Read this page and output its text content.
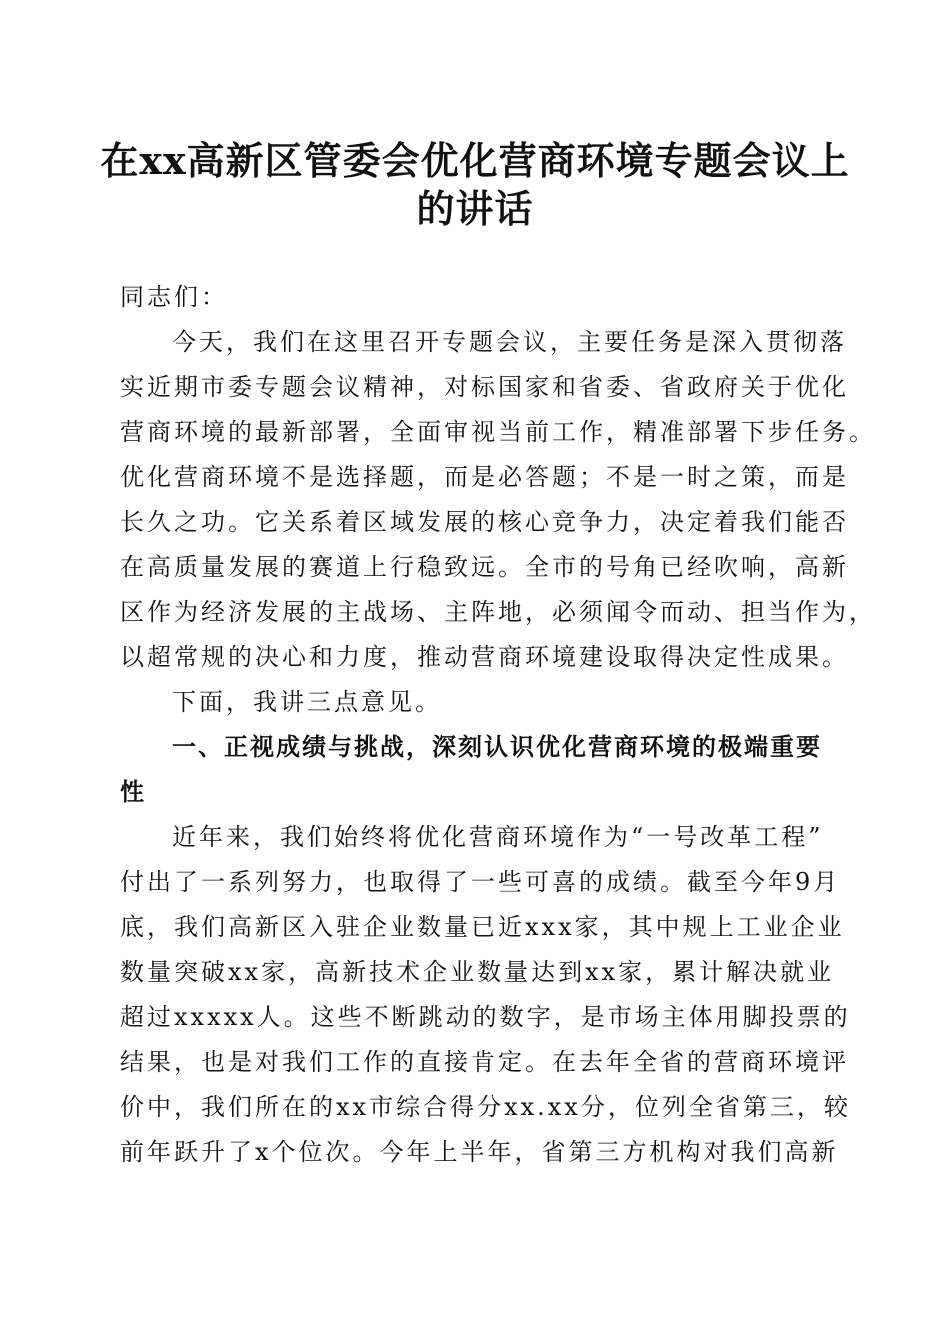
在xx高新区管委会优化营商环境专题会议上
的讲话
同志们：
今天，我们在这里召开专题会议，主要任务是深入贯彻落
实近期市委专题会议精神，对标国家和省委、省政府关于优化
营商环境的最新部署，全面审视当前工作，精准部署下步任务。
优化营商环境不是选择题，而是必答题；不是一时之策，而是
长久之功。它关系着区域发展的核心竞争力，决定着我们能否
在高质量发展的赛道上行稳致远。全市的号角已经吹响，高新
区作为经济发展的主战场、主阵地，必须闻令而动、担当作为，
以超常规的决心和力度，推动营商环境建设取得决定性成果。
下面，我讲三点意见。
一、正视成绩与挑战，深刻认识优化营商环境的极端重要
性
近年来，我们始终将优化营商环境作为“一号改革工程”
付出了一系列努力，也取得了一些可喜的成绩。截至今年9月
底，我们高新区入驻企业数量已近xxx家，其中规上工业企业
数量突破xx家，高新技术企业数量达到xx家，累计解决就业
超过xxxxx人。这些不断跳动的数字，是市场主体用脚投票的
结果，也是对我们工作的直接肯定。在去年全省的营商环境评
价中，我们所在的xx市综合得分xx.xx分，位列全省第三，较
前年跃升了x个位次。今年上半年，省第三方机构对我们高新
